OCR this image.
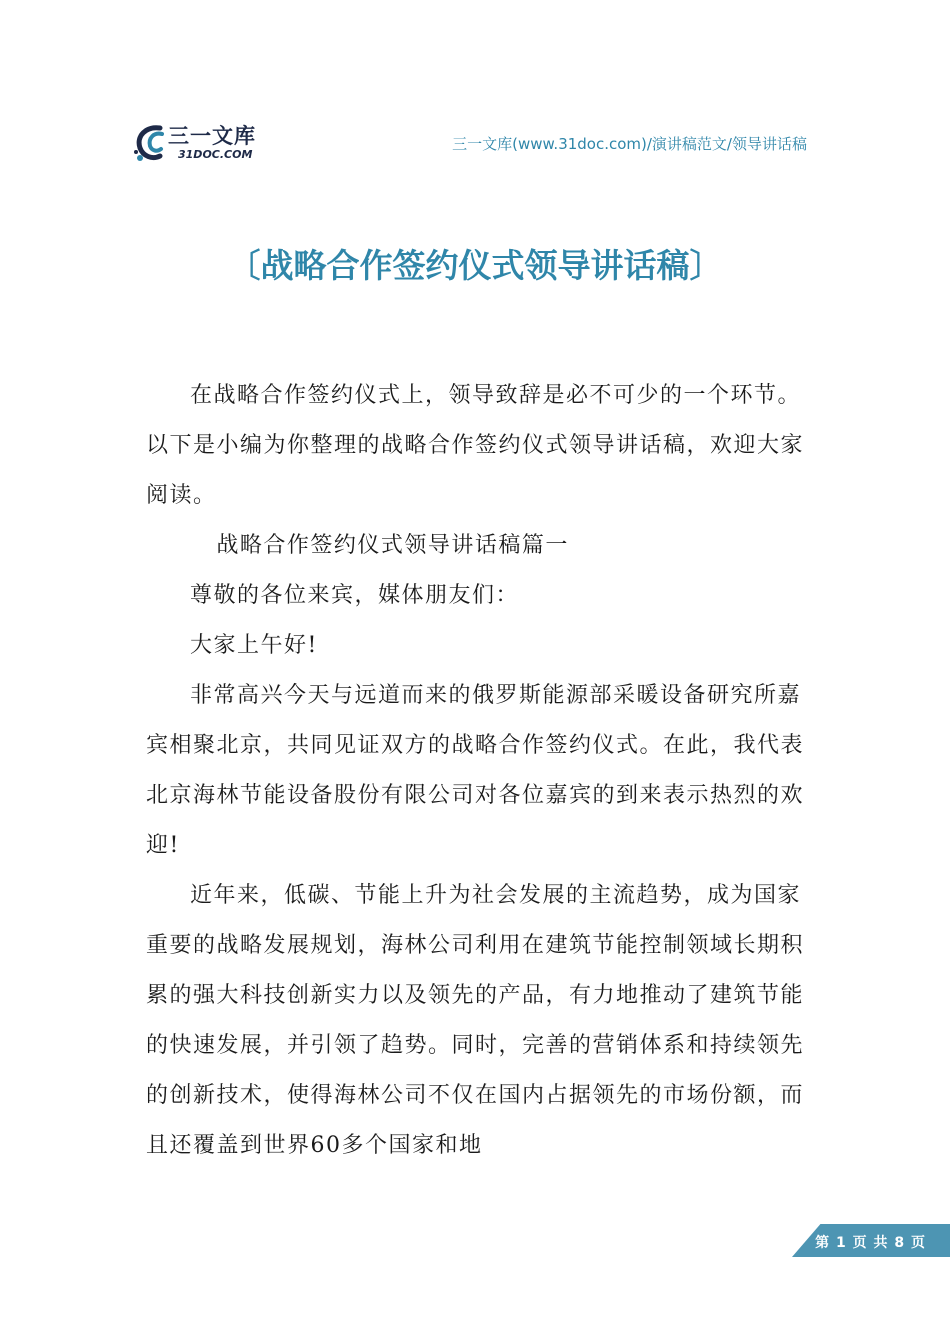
三一文库
31DOC.COM
三一文库(www.31doc.com)/演讲稿范文/领导讲话稿
〔战略合作签约仪式领导讲话稿〕

在战略合作签约仪式上，领导致辞是必不可少的一个环节。以下是小编为你整理的战略合作签约仪式领导讲话稿，欢迎大家阅读。

战略合作签约仪式领导讲话稿篇一

尊敬的各位来宾，媒体朋友们：

大家上午好!

非常高兴今天与远道而来的俄罗斯能源部采暖设备研究所嘉宾相聚北京，共同见证双方的战略合作签约仪式。在此，我代表北京海林节能设备股份有限公司对各位嘉宾的到来表示热烈的欢迎!

近年来，低碳、节能上升为社会发展的主流趋势，成为国家重要的战略发展规划，海林公司利用在建筑节能控制领域长期积累的强大科技创新实力以及领先的产品，有力地推动了建筑节能的快速发展，并引领了趋势。同时，完善的营销体系和持续领先的创新技术，使得海林公司不仅在国内占据领先的市场份额，而且还覆盖到世界60多个国家和地

第 1 页 共 8 页
